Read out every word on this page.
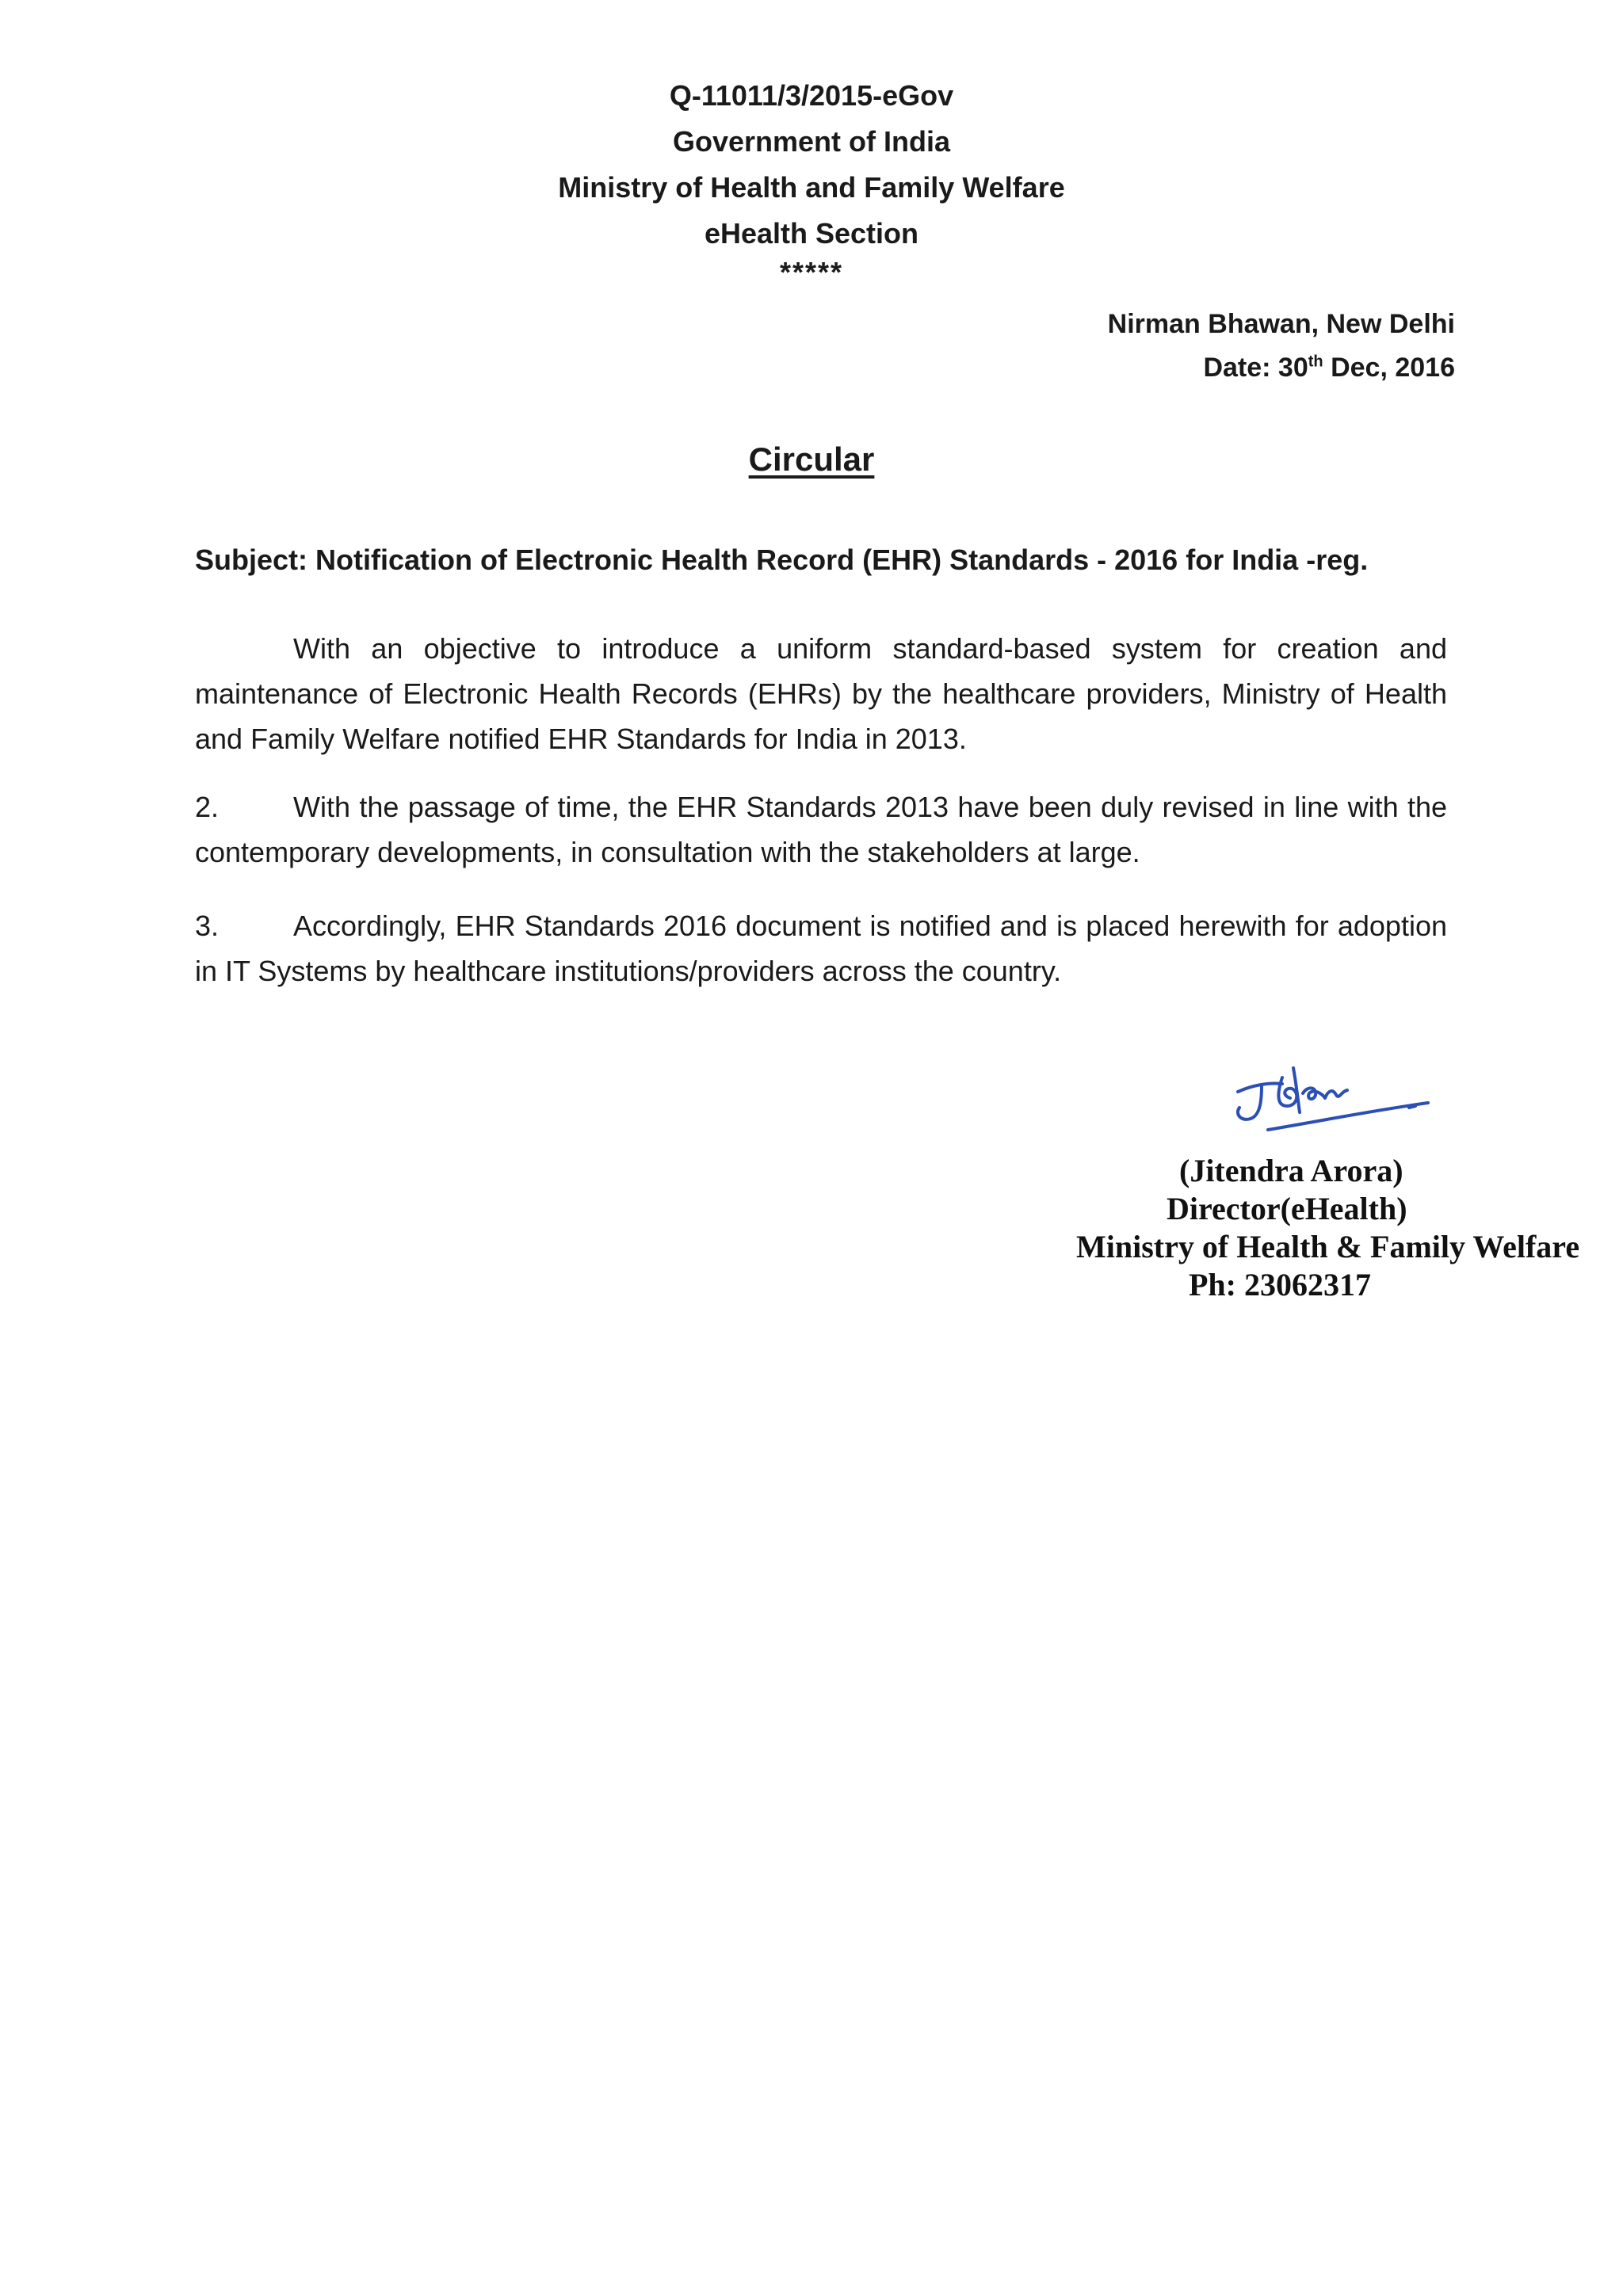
Q-11011/3/2015-eGov
Government of India
Ministry of Health and Family Welfare
eHealth Section
*****
Nirman Bhawan, New Delhi
Date: 30th Dec, 2016
Circular
Subject: Notification of Electronic Health Record (EHR) Standards - 2016 for India -reg.
With an objective to introduce a uniform standard-based system for creation and maintenance of Electronic Health Records (EHRs) by the healthcare providers, Ministry of Health and Family Welfare notified EHR Standards for India in 2013.
2.	With the passage of time, the EHR Standards 2013 have been duly revised in line with the contemporary developments, in consultation with the stakeholders at large.
3.	Accordingly, EHR Standards 2016 document is notified and is placed herewith for adoption in IT Systems by healthcare institutions/providers across the country.
(Jitendra Arora)
Director(eHealth)
Ministry of Health & Family Welfare
Ph: 23062317
